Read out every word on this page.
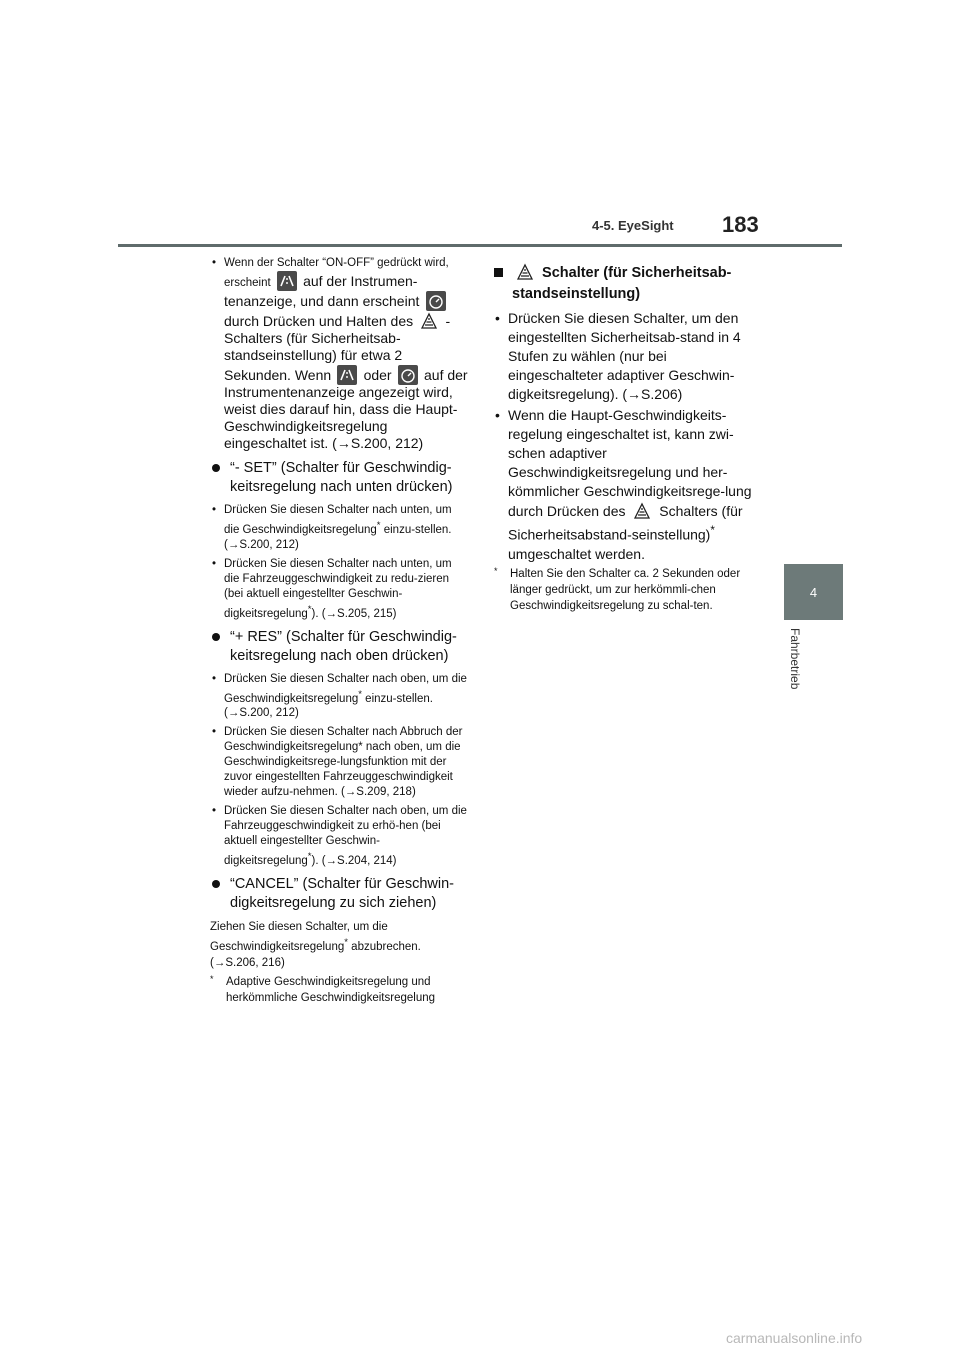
4-5. EyeSight 183
4
Fahrbetrieb
• Wenn der Schalter “ON-OFF” gedrückt wird, erscheint auf der Instrumen-tenanzeige, und dann erscheint  durch Drücken und Halten des -Schalters (für Sicherheitsab-standseinstellung) für etwa 2 Sekunden. Wenn oder auf der Instrumentenanzeige angezeigt wird, weist dies darauf hin, dass die Haupt-Geschwindigkeitsregelung eingeschaltet ist. (→S.200, 212)
“- SET” (Schalter für Geschwindig-keitsregelung nach unten drücken)
• Drücken Sie diesen Schalter nach unten, um die Geschwindigkeitsregelung* einzu-stellen. (→S.200, 212)
• Drücken Sie diesen Schalter nach unten, um die Fahrzeuggeschwindigkeit zu redu-zieren (bei aktuell eingestellter Geschwin-digkeitsregelung*). (→S.205, 215)
“+ RES” (Schalter für Geschwindig-keitsregelung nach oben drücken)
• Drücken Sie diesen Schalter nach oben, um die Geschwindigkeitsregelung* einzu-stellen. (→S.200, 212)
• Drücken Sie diesen Schalter nach Abbruch der Geschwindigkeitsregelung* nach oben, um die Geschwindigkeitsrege-lungsfunktion mit der zuvor eingestellten Fahrzeuggeschwindigkeit wieder aufzu-nehmen. (→S.209, 218)
• Drücken Sie diesen Schalter nach oben, um die Fahrzeuggeschwindigkeit zu erhö-hen (bei aktuell eingestellter Geschwin-digkeitsregelung*). (→S.204, 214)
“CANCEL” (Schalter für Geschwin-digkeitsregelung zu sich ziehen)
Ziehen Sie diesen Schalter, um die Geschwindigkeitsregelung* abzubrechen. (→S.206, 216)
* Adaptive Geschwindigkeitsregelung und herkömmliche Geschwindigkeitsregelung
Schalter (für Sicherheitsab-standseinstellung)
• Drücken Sie diesen Schalter, um den eingestellten Sicherheitsab-stand in 4 Stufen zu wählen (nur bei eingeschalteter adaptiver Geschwin-digkeitsregelung). (→S.206)
• Wenn die Haupt-Geschwindigkeits-regelung eingeschaltet ist, kann zwi-schen adaptiver Geschwindigkeitsregelung und her-kömmlicher Geschwindigkeitsrege-lung durch Drücken des Schalters (für Sicherheitsabstand-seinstellung)* umgeschaltet werden.
* Halten Sie den Schalter ca. 2 Sekunden oder länger gedrückt, um zur herkömmli-chen Geschwindigkeitsregelung zu schal-ten.
carmanualsonline.info
